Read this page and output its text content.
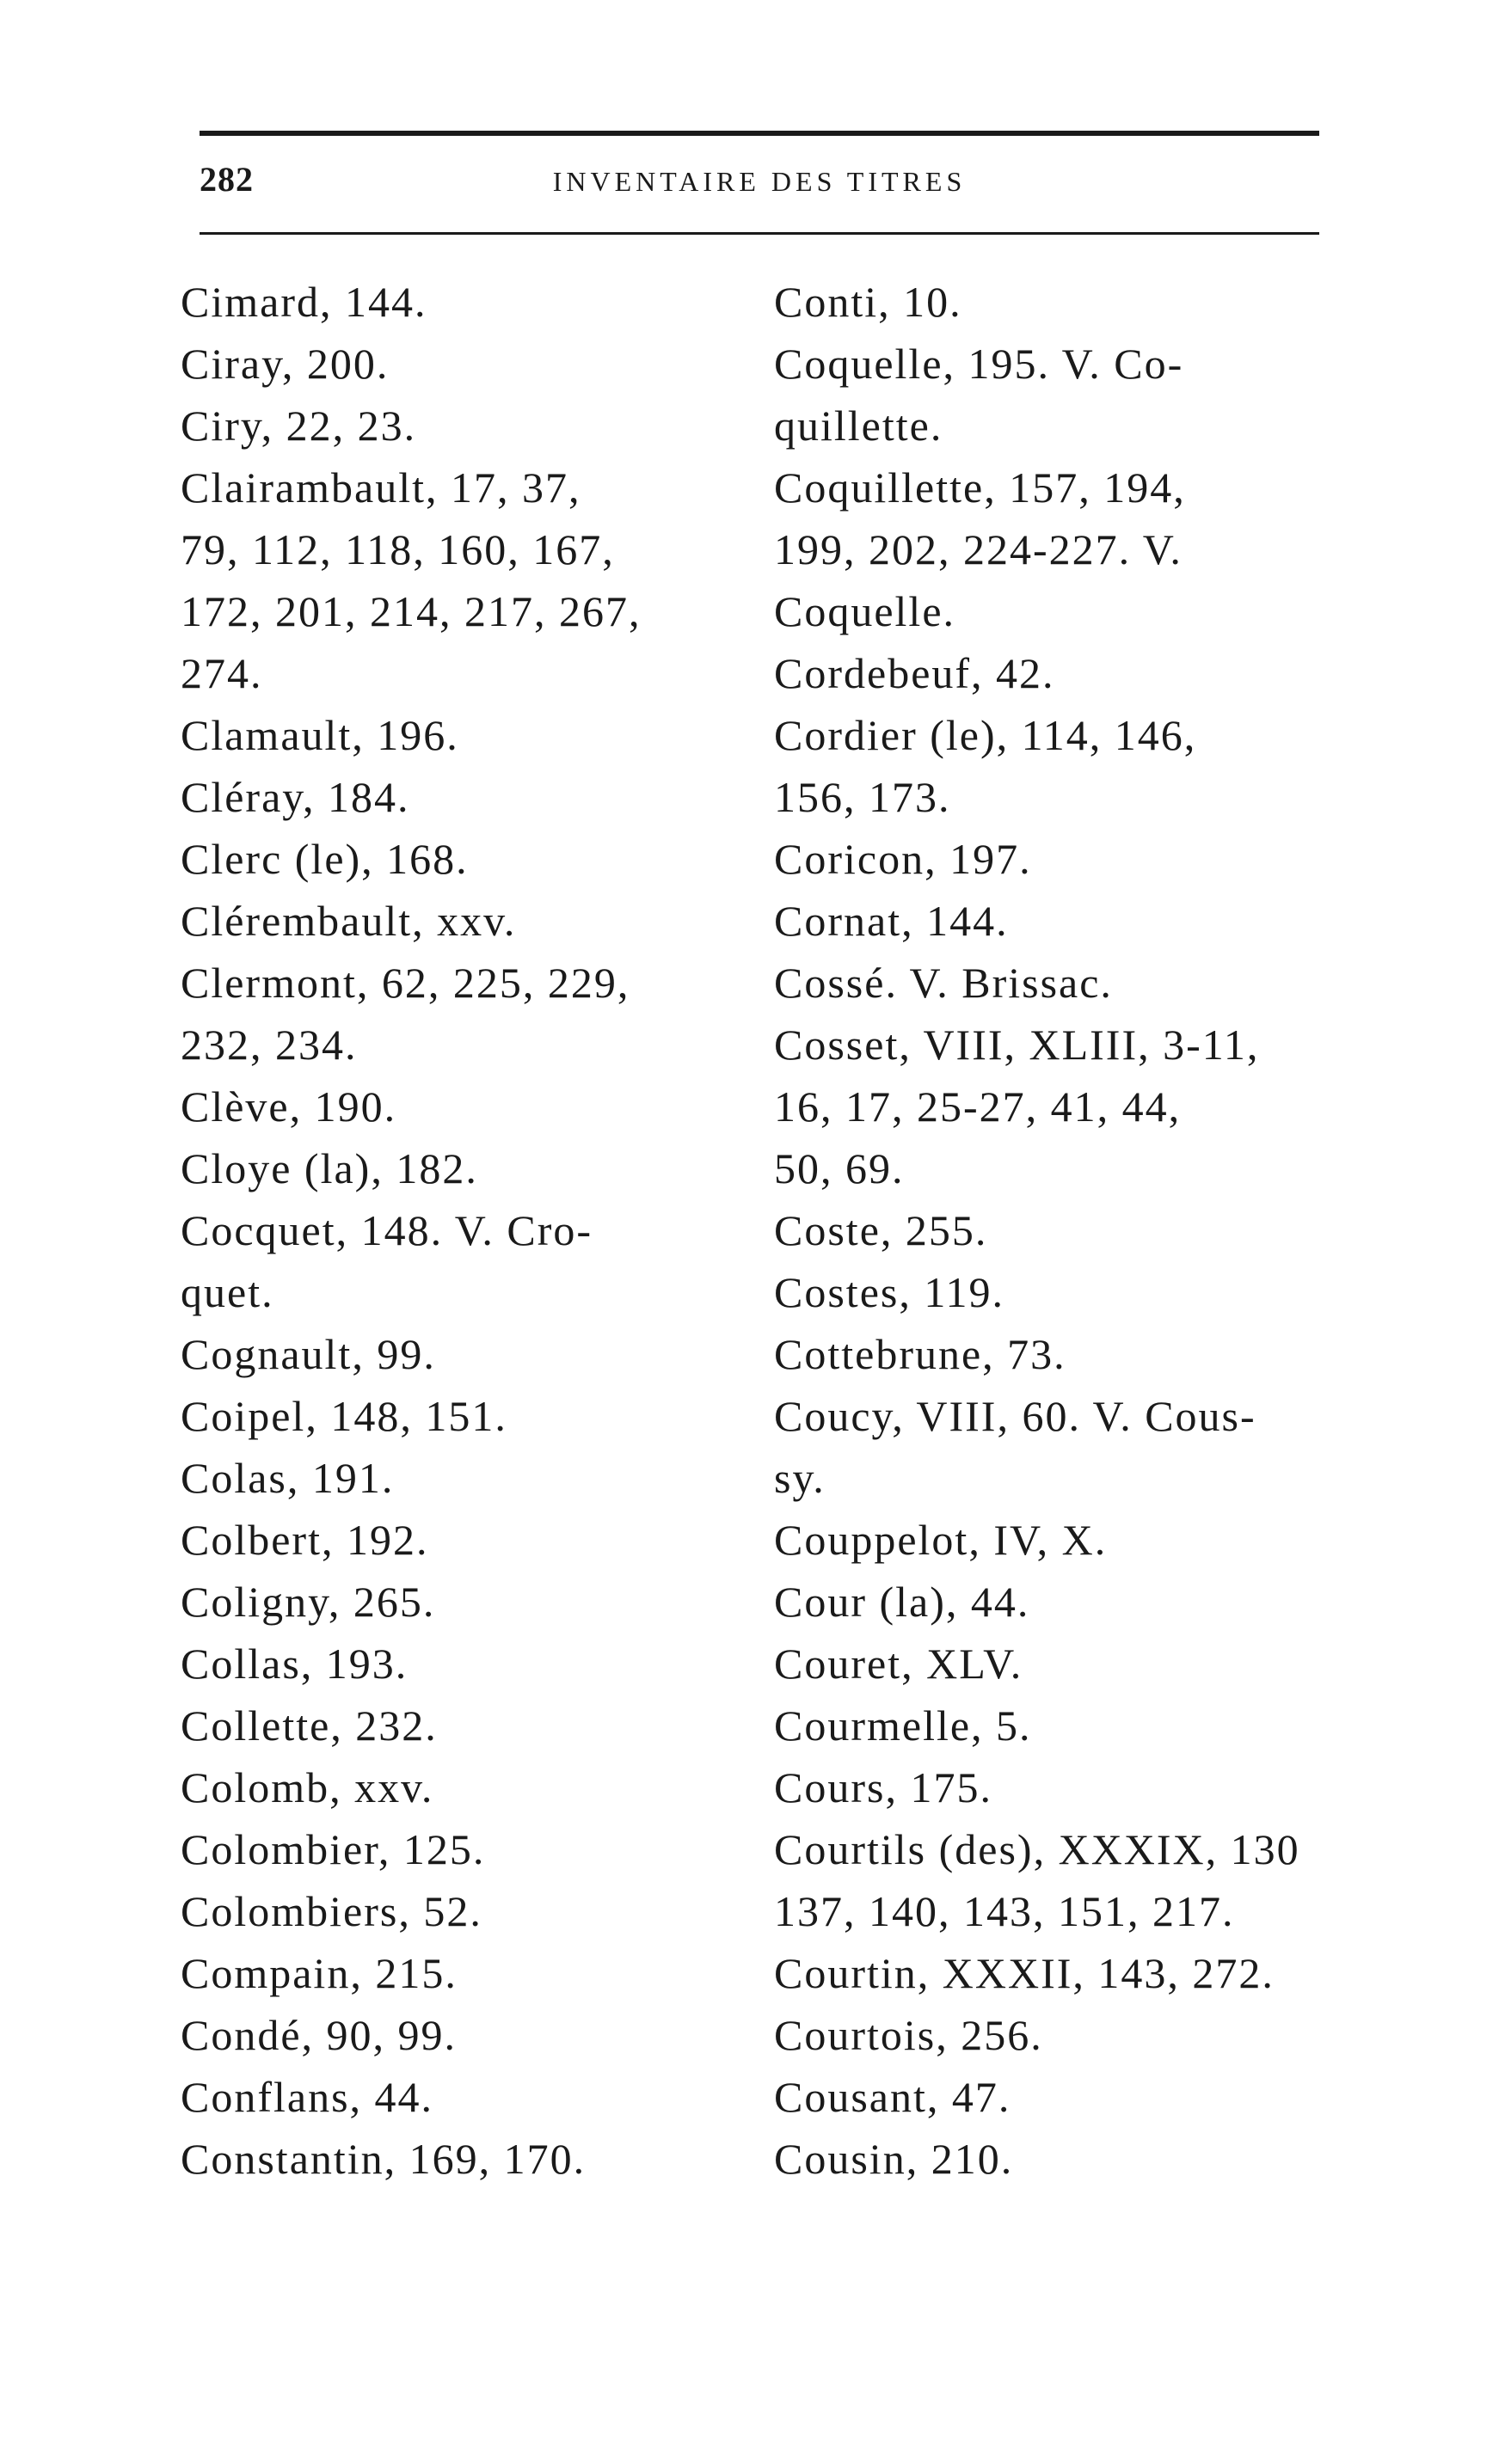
282	INVENTAIRE DES TITRES
Cimard, 144.
Ciray, 200.
Ciry, 22, 23.
Clairambault, 17, 37,
79, 112, 118, 160, 167,
172, 201, 214, 217, 267,
274.
Clamault, 196.
Cléray, 184.
Clerc (le), 168.
Clérembault, xxv.
Clermont, 62, 225, 229,
232, 234.
Clève, 190.
Cloye (la), 182.
Cocquet, 148. V. Cro-
quet.
Cognault, 99.
Coipel, 148, 151.
Colas, 191.
Colbert, 192.
Coligny, 265.
Collas, 193.
Collette, 232.
Colomb, xxv.
Colombier, 125.
Colombiers, 52.
Compain, 215.
Condé, 90, 99.
Conflans, 44.
Constantin, 169, 170.
Conti, 10.
Coquelle, 195. V. Co-
quillette.
Coquillette, 157, 194,
199, 202, 224-227. V.
Coquelle.
Cordebeuf, 42.
Cordier (le), 114, 146,
156, 173.
Coricon, 197.
Cornat, 144.
Cossé. V. Brissac.
Cosset, VIII, XLIII, 3-11,
16, 17, 25-27, 41, 44,
50, 69.
Coste, 255.
Costes, 119.
Cottebrune, 73.
Coucy, VIII, 60. V. Cous-
sy.
Couppelot, IV, X.
Cour (la), 44.
Couret, XLV.
Courmelle, 5.
Cours, 175.
Courtils (des), XXXIX, 130
137, 140, 143, 151, 217.
Courtin, XXXII, 143, 272.
Courtois, 256.
Cousant, 47.
Cousin, 210.
